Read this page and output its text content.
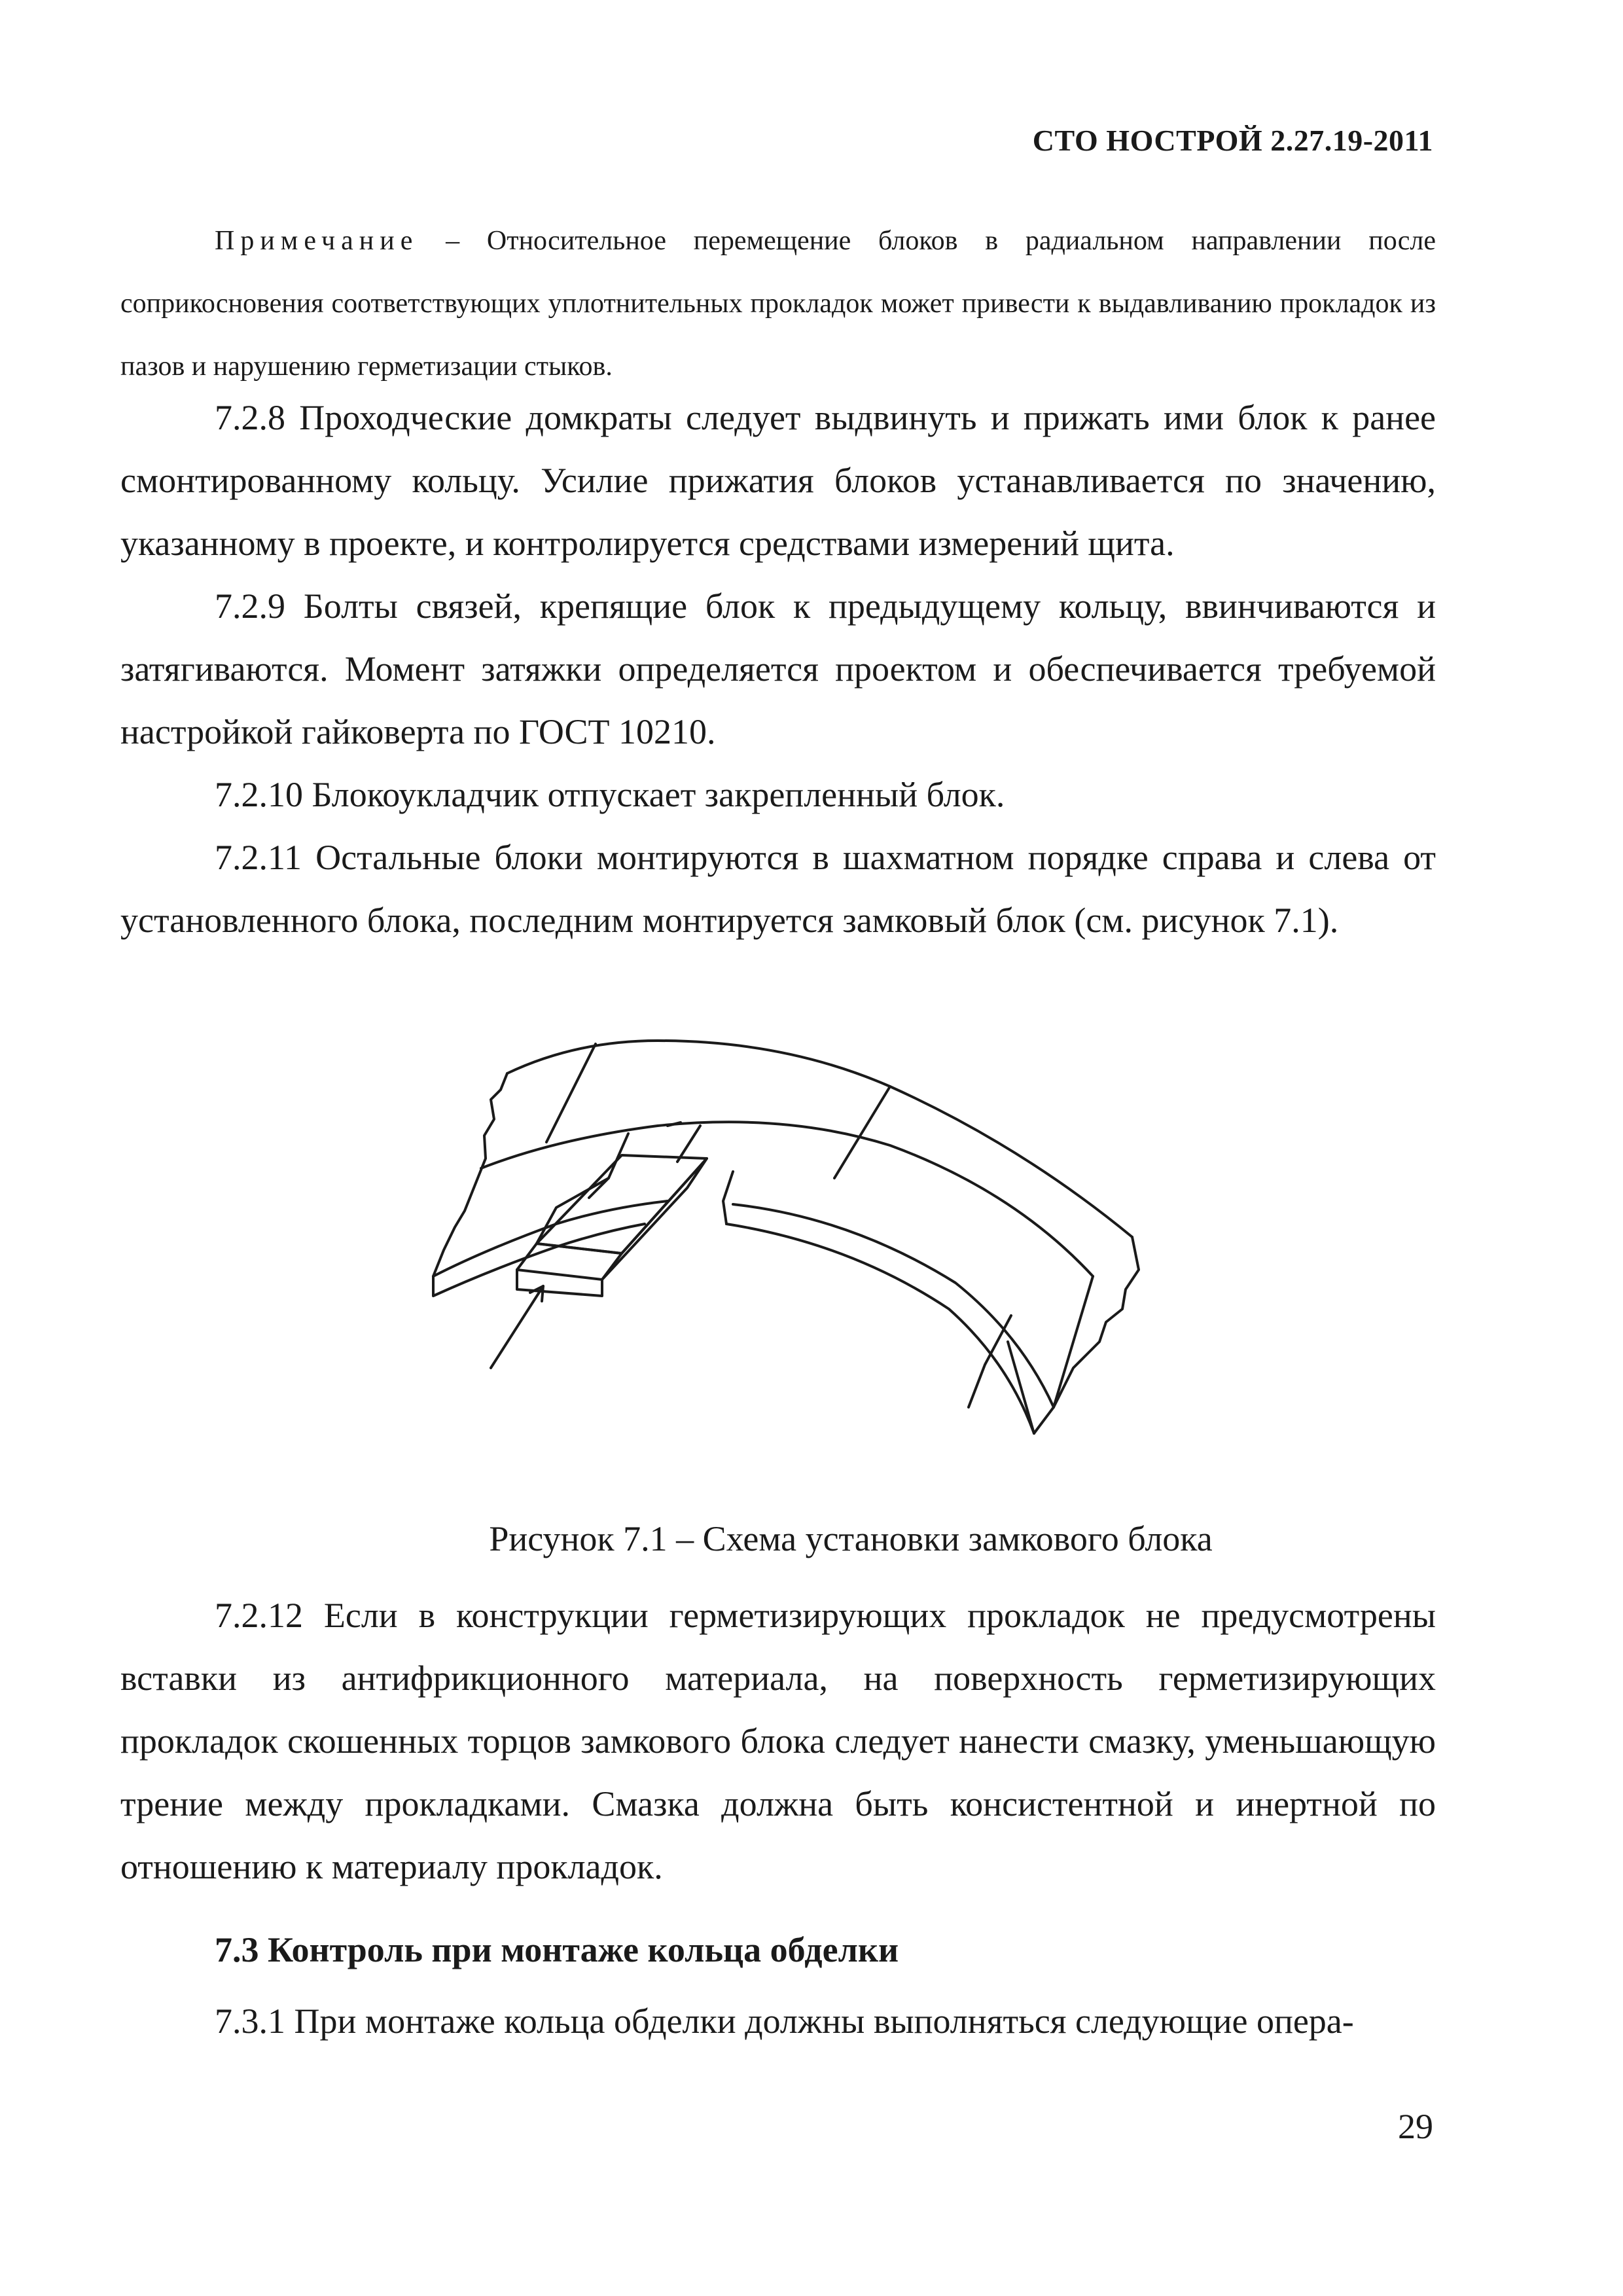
СТО НОСТРОЙ 2.27.19-2011
Примечание – Относительное перемещение блоков в радиальном направлении после соприкосновения соответствующих уплотнительных прокладок может привести к выдавливанию прокладок из пазов и нарушению герметизации стыков.

7.2.8 Проходческие домкраты следует выдвинуть и прижать ими блок к ранее смонтированному кольцу. Усилие прижатия блоков устанавливается по значению, указанному в проекте, и контролируется средствами измерений щита.

7.2.9 Болты связей, крепящие блок к предыдущему кольцу, ввинчиваются и затягиваются. Момент затяжки определяется проектом и обеспечивается требуемой настройкой гайковерта по ГОСТ 10210.

7.2.10 Блокоукладчик отпускает закрепленный блок.

7.2.11 Остальные блоки монтируются в шахматном порядке справа и слева от установленного блока, последним монтируется замковый блок (см. рисунок 7.1).

Рисунок 7.1 – Схема установки замкового блока

7.2.12 Если в конструкции герметизирующих прокладок не предусмотрены вставки из антифрикционного материала, на поверхность герметизирующих прокладок скошенных торцов замкового блока следует нанести смазку, уменьшающую трение между прокладками. Смазка должна быть консистентной и инертной по отношению к материалу прокладок.

7.3 Контроль при монтаже кольца обделки

7.3.1 При монтаже кольца обделки должны выполняться следующие опера-

29
